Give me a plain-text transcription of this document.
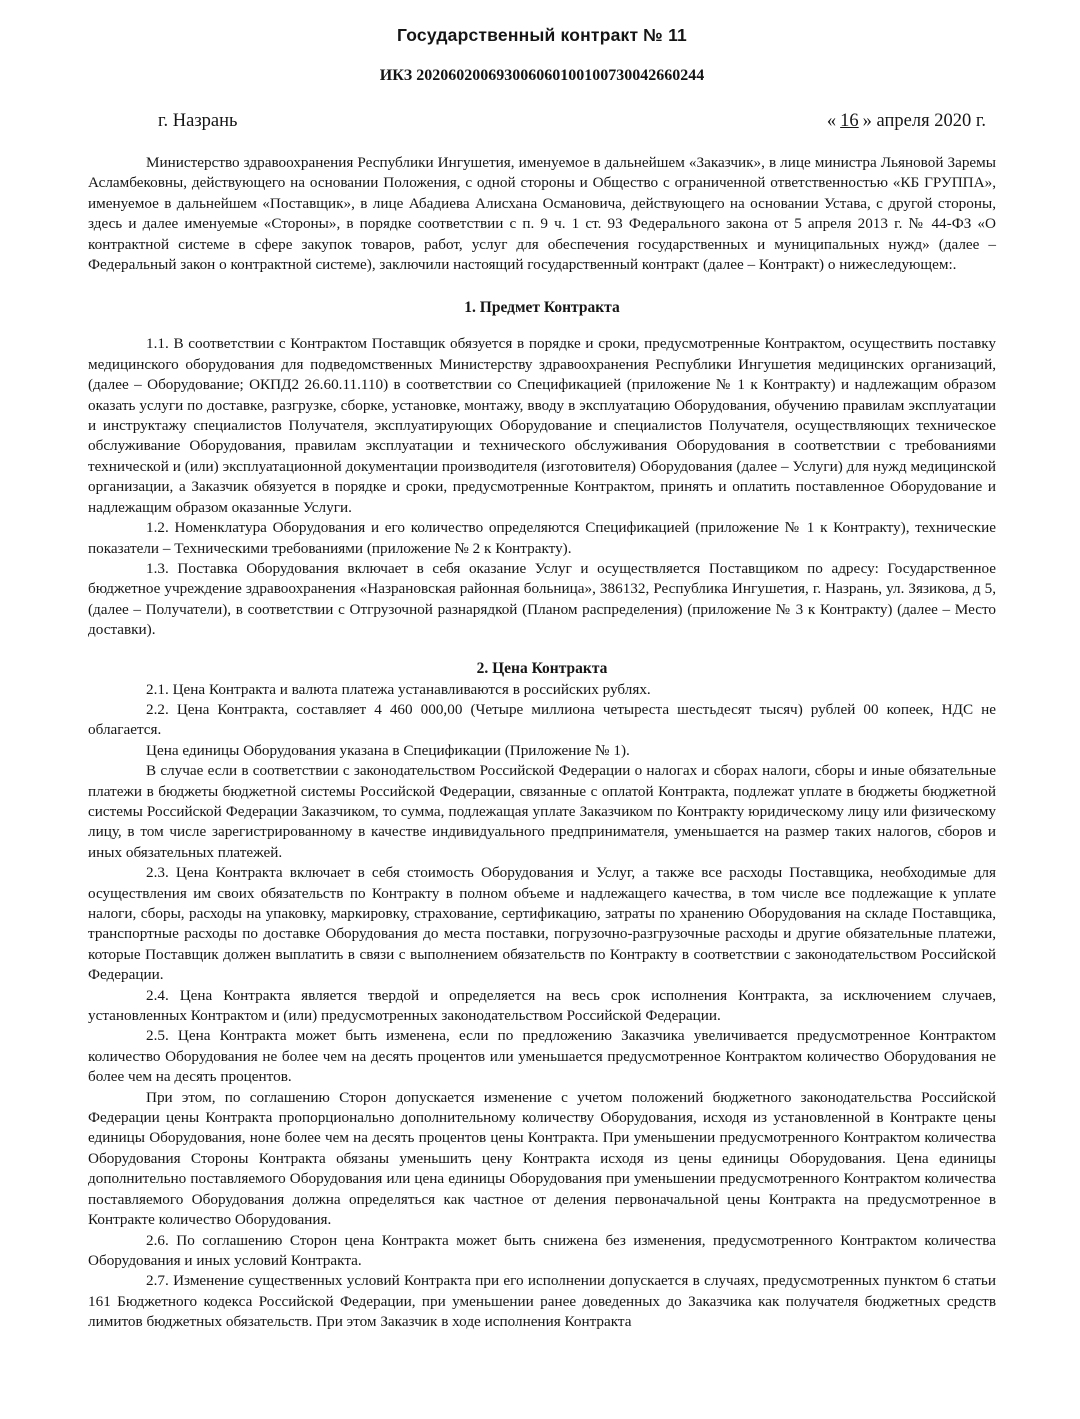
Государственный контракт № 11

ИКЗ 202060200693006060100100730042660244

г. Назрань	« 16 » апреля 2020 г.

Министерство здравоохранения Республики Ингушетия, именуемое в дальнейшем «Заказчик», в лице министра Льяновой Заремы Асламбековны, действующего на основании Положения, с одной стороны и Общество с ограниченной ответственностью «КБ ГРУППА», именуемое в дальнейшем «Поставщик», в лице Абадиева Алисхана Османовича, действующего на основании Устава, с другой стороны, здесь и далее именуемые «Стороны», в порядке соответствии с п. 9 ч. 1 ст. 93 Федерального закона от 5 апреля 2013 г. № 44-ФЗ «О контрактной системе в сфере закупок товаров, работ, услуг для обеспечения государственных и муниципальных нужд» (далее – Федеральный закон о контрактной системе), заключили настоящий государственный контракт (далее – Контракт) о нижеследующем:.

1. Предмет Контракта

1.1. В соответствии с Контрактом Поставщик обязуется в порядке и сроки, предусмотренные Контрактом, осуществить поставку медицинского оборудования для подведомственных Министерству здравоохранения Республики Ингушетия медицинских организаций, (далее – Оборудование; ОКПД2 26.60.11.110) в соответствии со Спецификацией (приложение № 1 к Контракту) и надлежащим образом оказать услуги по доставке, разгрузке, сборке, установке, монтажу, вводу в эксплуатацию Оборудования, обучению правилам эксплуатации и инструктажу специалистов Получателя, эксплуатирующих Оборудование и специалистов Получателя, осуществляющих техническое обслуживание Оборудования, правилам эксплуатации и технического обслуживания Оборудования в соответствии с требованиями технической и (или) эксплуатационной документации производителя (изготовителя) Оборудования (далее – Услуги) для нужд медицинской организации, а Заказчик обязуется в порядке и сроки, предусмотренные Контрактом, принять и оплатить поставленное Оборудование и надлежащим образом оказанные Услуги.

1.2. Номенклатура Оборудования и его количество определяются Спецификацией (приложение № 1 к Контракту), технические показатели – Техническими требованиями (приложение № 2 к Контракту).

1.3. Поставка Оборудования включает в себя оказание Услуг и осуществляется Поставщиком по адресу: Государственное бюджетное учреждение здравоохранения «Назрановская районная больница», 386132, Республика Ингушетия, г. Назрань, ул. Зязикова, д 5, (далее – Получатели), в соответствии с Отгрузочной разнарядкой (Планом распределения) (приложение № 3 к Контракту) (далее – Место доставки).

2. Цена Контракта

2.1. Цена Контракта и валюта платежа устанавливаются в российских рублях.

2.2. Цена Контракта, составляет 4 460 000,00 (Четыре миллиона четыреста шестьдесят тысяч) рублей 00 копеек, НДС не облагается.

Цена единицы Оборудования указана в Спецификации (Приложение № 1).

В случае если в соответствии с законодательством Российской Федерации о налогах и сборах налоги, сборы и иные обязательные платежи в бюджеты бюджетной системы Российской Федерации, связанные с оплатой Контракта, подлежат уплате в бюджеты бюджетной системы Российской Федерации Заказчиком, то сумма, подлежащая уплате Заказчиком по Контракту юридическому лицу или физическому лицу, в том числе зарегистрированному в качестве индивидуального предпринимателя, уменьшается на размер таких налогов, сборов и иных обязательных платежей.

2.3. Цена Контракта включает в себя стоимость Оборудования и Услуг, а также все расходы Поставщика, необходимые для осуществления им своих обязательств по Контракту в полном объеме и надлежащего качества, в том числе все подлежащие к уплате налоги, сборы, расходы на упаковку, маркировку, страхование, сертификацию, затраты по хранению Оборудования на складе Поставщика, транспортные расходы по доставке Оборудования до места поставки, погрузочно-разгрузочные расходы и другие обязательные платежи, которые Поставщик должен выплатить в связи с выполнением обязательств по Контракту в соответствии с законодательством Российской Федерации.

2.4. Цена Контракта является твердой и определяется на весь срок исполнения Контракта, за исключением случаев, установленных Контрактом и (или) предусмотренных законодательством Российской Федерации.

2.5. Цена Контракта может быть изменена, если по предложению Заказчика увеличивается предусмотренное Контрактом количество Оборудования не более чем на десять процентов или уменьшается предусмотренное Контрактом количество Оборудования не более чем на десять процентов.

При этом, по соглашению Сторон допускается изменение с учетом положений бюджетного законодательства Российской Федерации цены Контракта пропорционально дополнительному количеству Оборудования, исходя из установленной в Контракте цены единицы Оборудования, ноне более чем на десять процентов цены Контракта. При уменьшении предусмотренного Контрактом количества Оборудования Стороны Контракта обязаны уменьшить цену Контракта исходя из цены единицы Оборудования. Цена единицы дополнительно поставляемого Оборудования или цена единицы Оборудования при уменьшении предусмотренного Контрактом количества поставляемого Оборудования должна определяться как частное от деления первоначальной цены Контракта на предусмотренное в Контракте количество Оборудования.

2.6. По соглашению Сторон цена Контракта может быть снижена без изменения, предусмотренного Контрактом количества Оборудования и иных условий Контракта.

2.7. Изменение существенных условий Контракта при его исполнении допускается в случаях, предусмотренных пунктом 6 статьи 161 Бюджетного кодекса Российской Федерации, при уменьшении ранее доведенных до Заказчика как получателя бюджетных средств лимитов бюджетных обязательств. При этом Заказчик в ходе исполнения Контракта
